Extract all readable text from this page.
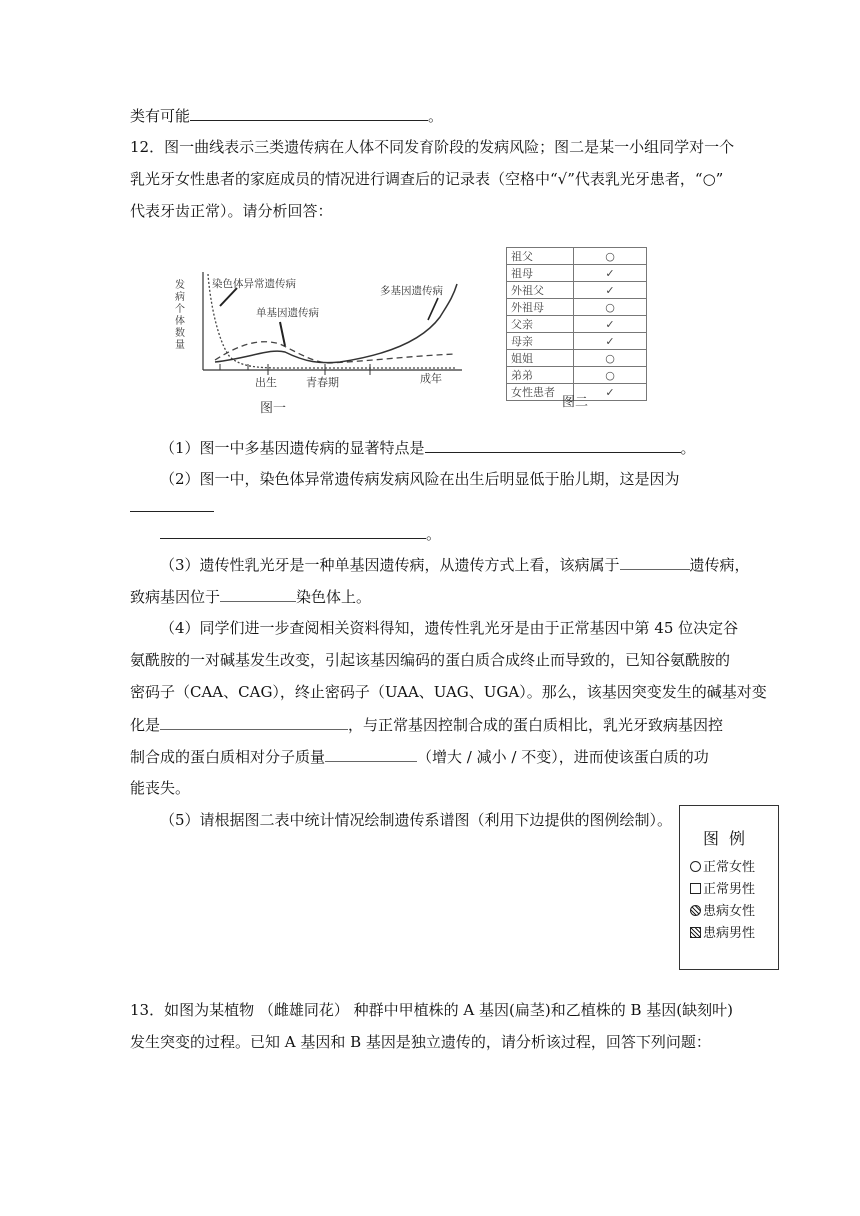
类有可能	。
12．图一曲线表示三类遗传病在人体不同发育阶段的发病风险；图二是某一小组同学对一个
乳光牙女性患者的家庭成员的情况进行调查后的记录表（空格中“√”代表乳光牙患者，“○”
代表牙齿正常）。请分析回答：
发
病
个
体
数
量
染色体异常遗传病
单基因遗传病
多基因遗传病
出生	青春期	成年
图一
祖父	○
祖母	✓
外祖父	✓
外祖母	○
父亲	✓
母亲	✓
姐姐	○
弟弟	○
女性患者	✓
图二
（1）图一中多基因遗传病的显著特点是	。
（2）图一中，染色体异常遗传病发病风险在出生后明显低于胎儿期，这是因为
。
（3）遗传性乳光牙是一种单基因遗传病，从遗传方式上看，该病属于	遗传病，
致病基因位于	染色体上。
（4）同学们进一步查阅相关资料得知，遗传性乳光牙是由于正常基因中第 45 位决定谷
氨酰胺的一对碱基发生改变，引起该基因编码的蛋白质合成终止而导致的，已知谷氨酰胺的
密码子（CAA、CAG），终止密码子（UAA、UAG、UGA）。那么，该基因突变发生的碱基对变
化是	，与正常基因控制合成的蛋白质相比，乳光牙致病基因控
制合成的蛋白质相对分子质量	（增大 / 减小 / 不变），进而使该蛋白质的功
能丧失。
（5）请根据图二表中统计情况绘制遗传系谱图（利用下边提供的图例绘制）。
图例
正常女性
正常男性
患病女性
患病男性
13．如图为某植物 （雌雄同花） 种群中甲植株的 A 基因(扁茎)和乙植株的 B 基因(缺刻叶)
发生突变的过程。已知 A 基因和 B 基因是独立遗传的，请分析该过程，回答下列问题：
